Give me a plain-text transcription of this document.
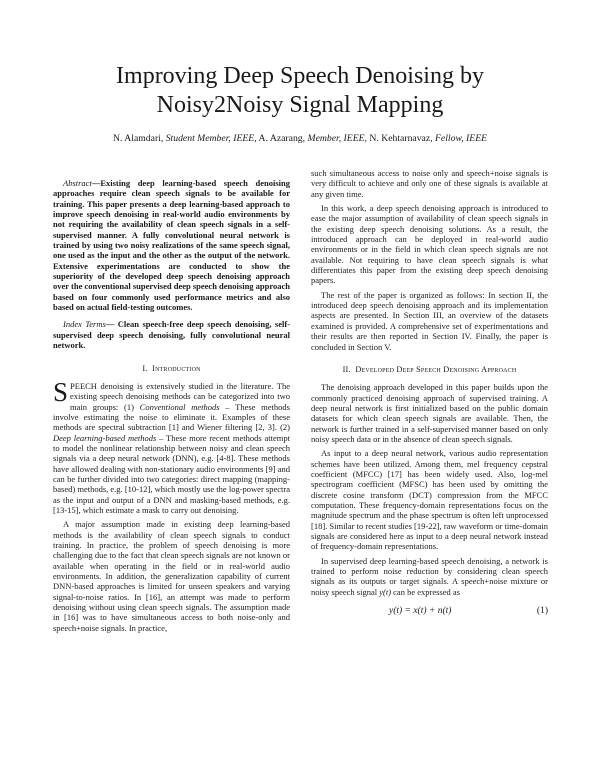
Improving Deep Speech Denoising by
Noisy2Noisy Signal Mapping
N. Alamdari, Student Member, IEEE, A. Azarang, Member, IEEE, N. Kehtarnavaz, Fellow, IEEE

Abstract—Existing deep learning-based speech denoising approaches require clean speech signals to be available for training. This paper presents a deep learning-based approach to improve speech denoising in real-world audio environments by not requiring the availability of clean speech signals in a self-supervised manner. A fully convolutional neural network is trained by using two noisy realizations of the same speech signal, one used as the input and the other as the output of the network. Extensive experimentations are conducted to show the superiority of the developed deep speech denoising approach over the conventional supervised deep speech denoising approach based on four commonly used performance metrics and also based on actual field-testing outcomes.

Index Terms— Clean speech-free deep speech denoising, self-supervised deep speech denoising, fully convolutional neural network.

I. Introduction

SPEECH denoising is extensively studied in the literature. The existing speech denoising methods can be categorized into two main groups: (1) Conventional methods – These methods involve estimating the noise to eliminate it. Examples of these methods are spectral subtraction [1] and Wiener filtering [2, 3]. (2) Deep learning-based methods – These more recent methods attempt to model the nonlinear relationship between noisy and clean speech signals via a deep neural network (DNN), e.g. [4-8]. These methods have allowed dealing with non-stationary audio environments [9] and can be further divided into two categories: direct mapping (mapping-based) methods, e.g. [10-12], which mostly use the log-power spectra as the input and output of a DNN and masking-based methods, e.g. [13-15], which estimate a mask to carry out denoising.

A major assumption made in existing deep learning-based methods is the availability of clean speech signals to conduct training. In practice, the problem of speech denoising is more challenging due to the fact that clean speech signals are not known or available when operating in the field or in real-world audio environments. In addition, the generalization capability of current DNN-based approaches is limited for unseen speakers and varying signal-to-noise ratios. In [16], an attempt was made to perform denoising without using clean speech signals. The assumption made in [16] was to have simultaneous access to both noise-only and speech+noise signals. In practice,

such simultaneous access to noise only and speech+noise signals is very difficult to achieve and only one of these signals is available at any given time.

In this work, a deep speech denoising approach is introduced to ease the major assumption of availability of clean speech signals in the existing deep speech denoising solutions. As a result, the introduced approach can be deployed in real-world audio environments or in the field in which clean speech signals are not available. Not requiring to have clean speech signals is what differentiates this paper from the existing deep speech denoising papers.

The rest of the paper is organized as follows: In section II, the introduced deep speech denoising approach and its implementation aspects are presented. In Section III, an overview of the datasets examined is provided. A comprehensive set of experimentations and their results are then reported in Section IV. Finally, the paper is concluded in Section V.

II. Developed Deep Speech Denoising Approach

The denoising approach developed in this paper builds upon the commonly practiced denoising approach of supervised training. A deep neural network is first initialized based on the public domain datasets for which clean speech signals are available. Then, the network is further trained in a self-supervised manner based on only noisy speech data or in the absence of clean speech signals.

As input to a deep neural network, various audio representation schemes have been utilized. Among them, mel frequency cepstral coefficient (MFCC) [17] has been widely used. Also, log-mel spectrogram coefficient (MFSC) has been used by omitting the discrete cosine transform (DCT) compression from the MFCC computation. These frequency-domain representations focus on the magnitude spectrum and the phase spectrum is often left unprocessed [18]. Similar to recent studies [19-22], raw waveform or time-domain signals are considered here as input to a deep neural network instead of frequency-domain representations.

In supervised deep learning-based speech denoising, a network is trained to perform noise reduction by considering clean speech signals as its outputs or target signals. A speech+noise mixture or noisy speech signal y(t) can be expressed as

y(t) = x(t) + n(t)	(1)
